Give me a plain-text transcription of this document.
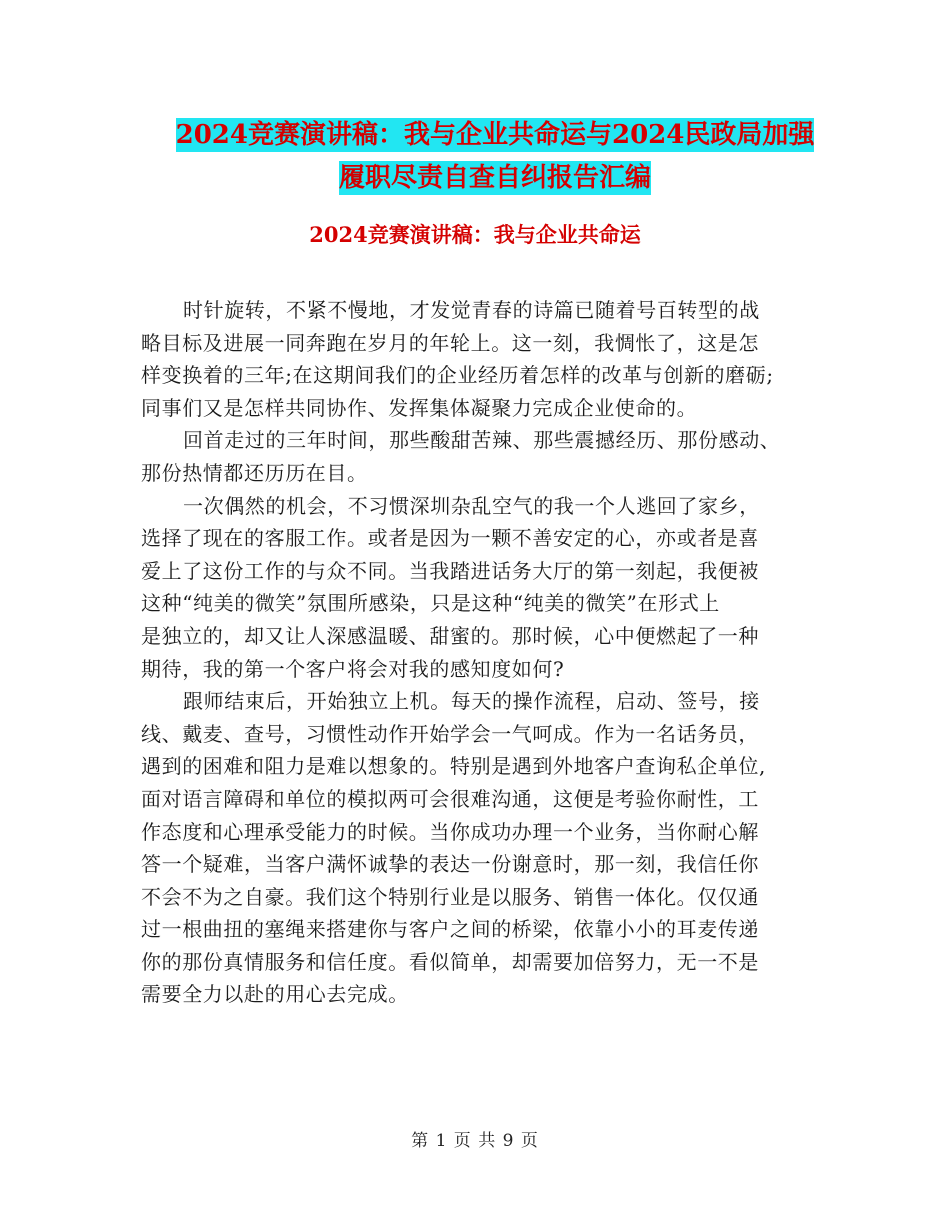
2024竞赛演讲稿：我与企业共命运与2024民政局加强
履职尽责自查自纠报告汇编
2024竞赛演讲稿：我与企业共命运
时针旋转，不紧不慢地，才发觉青春的诗篇已随着号百转型的战
略目标及进展一同奔跑在岁月的年轮上。这一刻，我惆怅了，这是怎
样变换着的三年;在这期间我们的企业经历着怎样的改革与创新的磨砺;
同事们又是怎样共同协作、发挥集体凝聚力完成企业使命的。
回首走过的三年时间，那些酸甜苦辣、那些震撼经历、那份感动、
那份热情都还历历在目。
一次偶然的机会，不习惯深圳杂乱空气的我一个人逃回了家乡，
选择了现在的客服工作。或者是因为一颗不善安定的心，亦或者是喜
爱上了这份工作的与众不同。当我踏进话务大厅的第一刻起，我便被
这种“纯美的微笑”氛围所感染，只是这种“纯美的微笑”在形式上
是独立的，却又让人深感温暖、甜蜜的。那时候，心中便燃起了一种
期待，我的第一个客户将会对我的感知度如何?
跟师结束后，开始独立上机。每天的操作流程，启动、签号，接
线、戴麦、查号，习惯性动作开始学会一气呵成。作为一名话务员，
遇到的困难和阻力是难以想象的。特别是遇到外地客户查询私企单位,
面对语言障碍和单位的模拟两可会很难沟通，这便是考验你耐性，工
作态度和心理承受能力的时候。当你成功办理一个业务，当你耐心解
答一个疑难，当客户满怀诚挚的表达一份谢意时，那一刻，我信任你
不会不为之自豪。我们这个特别行业是以服务、销售一体化。仅仅通
过一根曲扭的塞绳来搭建你与客户之间的桥梁，依靠小小的耳麦传递
你的那份真情服务和信任度。看似简单，却需要加倍努力，无一不是
需要全力以赴的用心去完成。
第 1 页 共 9 页
